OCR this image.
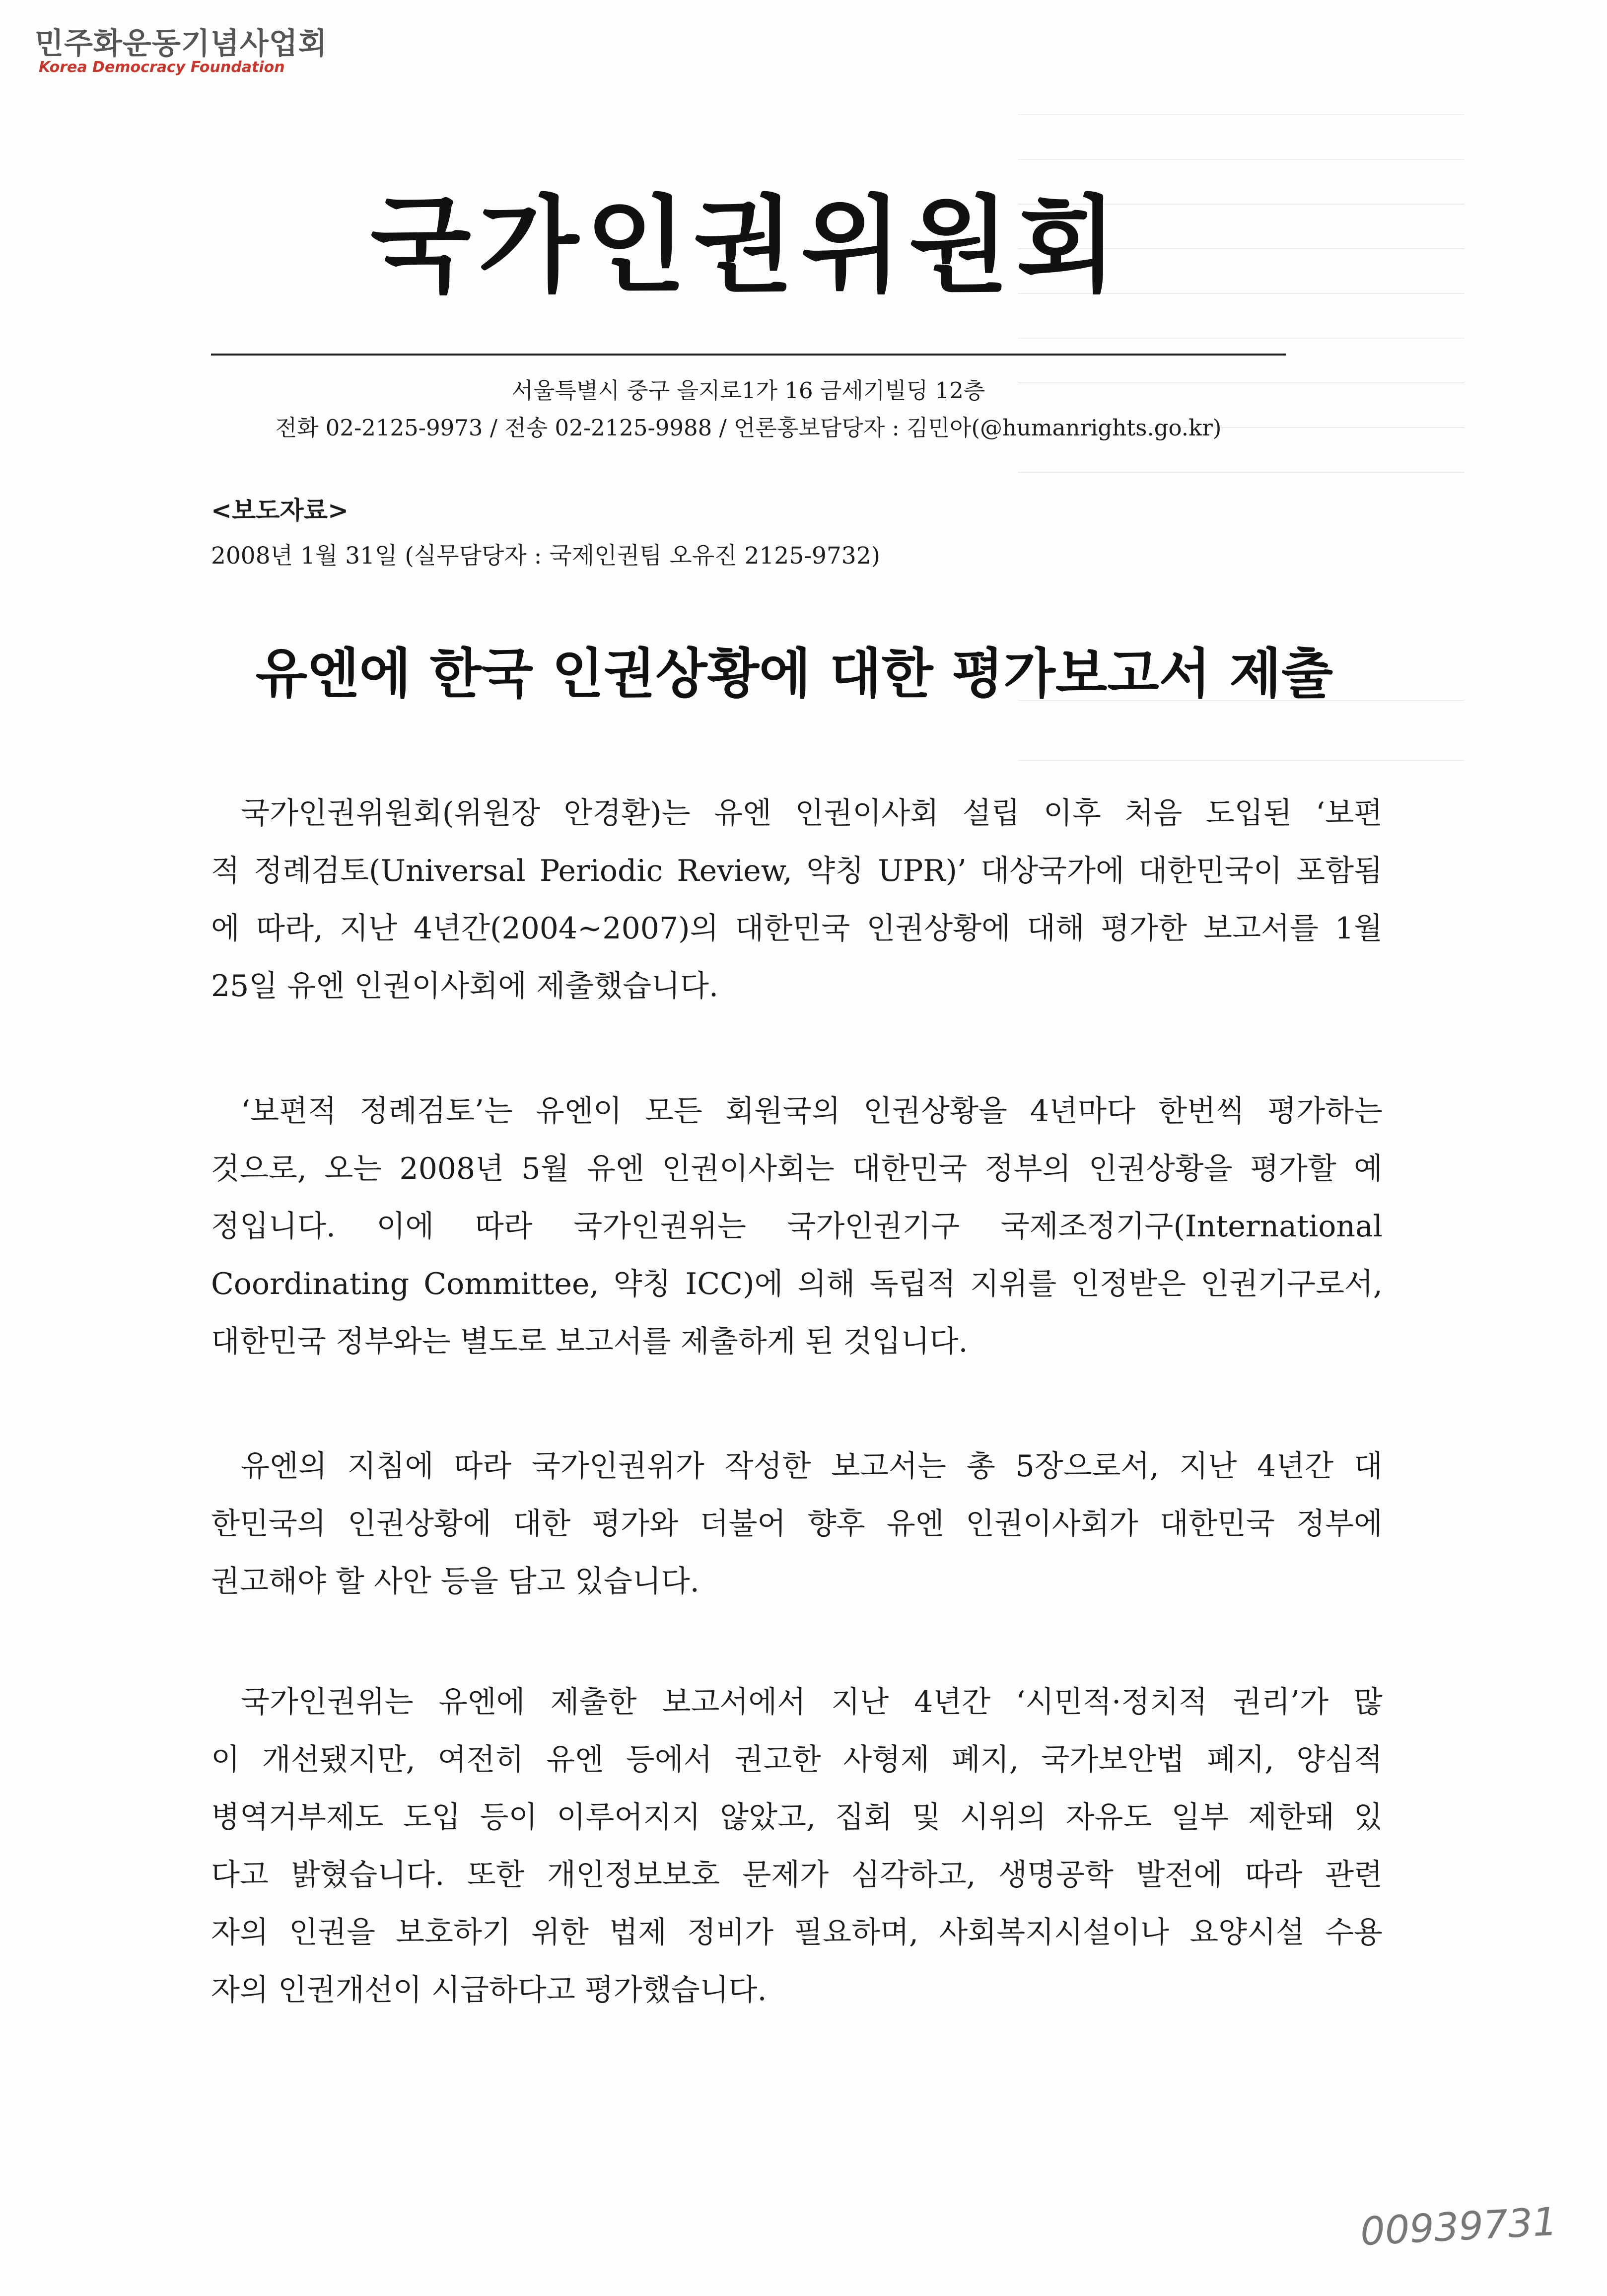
민주화운동기념사업회
Korea Democracy Foundation
국가인권위원회
서울특별시 중구 을지로1가 16 금세기빌딩 12층
전화 02-2125-9973 / 전송 02-2125-9988 / 언론홍보담당자 : 김민아(@humanrights.go.kr)
<보도자료>
2008년 1월 31일 (실무담당자 : 국제인권팀 오유진 2125-9732)
유엔에 한국 인권상황에 대한 평가보고서 제출
국가인권위원회(위원장 안경환)는 유엔 인권이사회 설립 이후 처음 도입된 ‘보편
적 정례검토(Universal Periodic Review, 약칭 UPR)’ 대상국가에 대한민국이 포함됨
에 따라, 지난 4년간(2004~2007)의 대한민국 인권상황에 대해 평가한 보고서를 1월
25일 유엔 인권이사회에 제출했습니다.
‘보편적 정례검토’는 유엔이 모든 회원국의 인권상황을 4년마다 한번씩 평가하는
것으로, 오는 2008년 5월 유엔 인권이사회는 대한민국 정부의 인권상황을 평가할 예
정입니다. 이에 따라 국가인권위는 국가인권기구 국제조정기구(International
Coordinating Committee, 약칭 ICC)에 의해 독립적 지위를 인정받은 인권기구로서,
대한민국 정부와는 별도로 보고서를 제출하게 된 것입니다.
유엔의 지침에 따라 국가인권위가 작성한 보고서는 총 5장으로서, 지난 4년간 대
한민국의 인권상황에 대한 평가와 더불어 향후 유엔 인권이사회가 대한민국 정부에
권고해야 할 사안 등을 담고 있습니다.
국가인권위는 유엔에 제출한 보고서에서 지난 4년간 ‘시민적·정치적 권리’가 많
이 개선됐지만, 여전히 유엔 등에서 권고한 사형제 폐지, 국가보안법 폐지, 양심적
병역거부제도 도입 등이 이루어지지 않았고, 집회 및 시위의 자유도 일부 제한돼 있
다고 밝혔습니다. 또한 개인정보보호 문제가 심각하고, 생명공학 발전에 따라 관련
자의 인권을 보호하기 위한 법제 정비가 필요하며, 사회복지시설이나 요양시설 수용
자의 인권개선이 시급하다고 평가했습니다.
00939731
